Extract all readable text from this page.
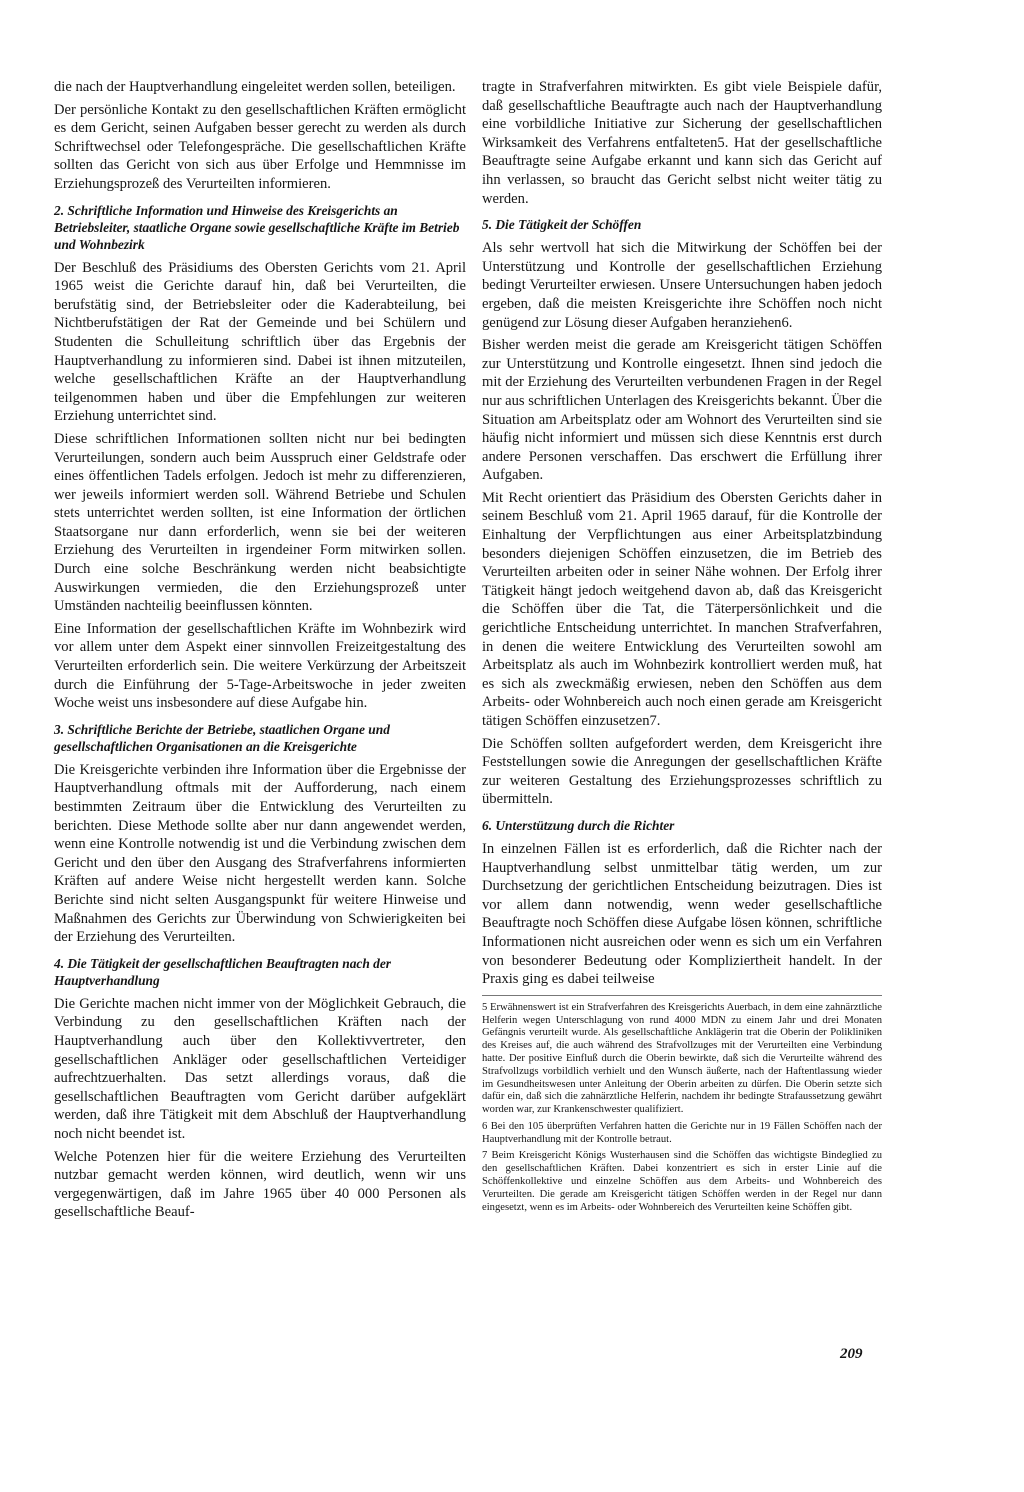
die nach der Hauptverhandlung eingeleitet werden sollen, beteiligen.

Der persönliche Kontakt zu den gesellschaftlichen Kräften ermöglicht es dem Gericht, seinen Aufgaben besser gerecht zu werden als durch Schriftwechsel oder Telefongespräche. Die gesellschaftlichen Kräfte sollten das Gericht von sich aus über Erfolge und Hemmnisse im Erziehungsprozeß des Verurteilten informieren.

2. Schriftliche Information und Hinweise des Kreisgerichts an Betriebsleiter, staatliche Organe sowie gesellschaftliche Kräfte im Betrieb und Wohnbezirk

Der Beschluß des Präsidiums des Obersten Gerichts vom 21. April 1965 weist die Gerichte darauf hin, daß bei Verurteilten, die berufstätig sind, der Betriebsleiter oder die Kaderabteilung, bei Nichtberufstätigen der Rat der Gemeinde und bei Schülern und Studenten die Schulleitung schriftlich über das Ergebnis der Hauptverhandlung zu informieren sind. Dabei ist ihnen mitzuteilen, welche gesellschaftlichen Kräfte an der Hauptverhandlung teilgenommen haben und über die Empfehlungen zur weiteren Erziehung unterrichtet sind.

Diese schriftlichen Informationen sollten nicht nur bei bedingten Verurteilungen, sondern auch beim Ausspruch einer Geldstrafe oder eines öffentlichen Tadels erfolgen. Jedoch ist mehr zu differenzieren, wer jeweils informiert werden soll. Während Betriebe und Schulen stets unterrichtet werden sollten, ist eine Information der örtlichen Staatsorgane nur dann erforderlich, wenn sie bei der weiteren Erziehung des Verurteilten in irgendeiner Form mitwirken sollen. Durch eine solche Beschränkung werden nicht beabsichtigte Auswirkungen vermieden, die den Erziehungsprozeß unter Umständen nachteilig beeinflussen könnten.

Eine Information der gesellschaftlichen Kräfte im Wohnbezirk wird vor allem unter dem Aspekt einer sinnvollen Freizeitgestaltung des Verurteilten erforderlich sein. Die weitere Verkürzung der Arbeitszeit durch die Einführung der 5-Tage-Arbeitswoche in jeder zweiten Woche weist uns insbesondere auf diese Aufgabe hin.

3. Schriftliche Berichte der Betriebe, staatlichen Organe und gesellschaftlichen Organisationen an die Kreisgerichte

Die Kreisgerichte verbinden ihre Information über die Ergebnisse der Hauptverhandlung oftmals mit der Aufforderung, nach einem bestimmten Zeitraum über die Entwicklung des Verurteilten zu berichten. Diese Methode sollte aber nur dann angewendet werden, wenn eine Kontrolle notwendig ist und die Verbindung zwischen dem Gericht und den über den Ausgang des Strafverfahrens informierten Kräften auf andere Weise nicht hergestellt werden kann. Solche Berichte sind nicht selten Ausgangspunkt für weitere Hinweise und Maßnahmen des Gerichts zur Überwindung von Schwierigkeiten bei der Erziehung des Verurteilten.

4. Die Tätigkeit der gesellschaftlichen Beauftragten nach der Hauptverhandlung

Die Gerichte machen nicht immer von der Möglichkeit Gebrauch, die Verbindung zu den gesellschaftlichen Kräften nach der Hauptverhandlung auch über den Kollektivvertreter, den gesellschaftlichen Ankläger oder gesellschaftlichen Verteidiger aufrechtzuerhalten. Das setzt allerdings voraus, daß die gesellschaftlichen Beauftragten vom Gericht darüber aufgeklärt werden, daß ihre Tätigkeit mit dem Abschluß der Hauptverhandlung noch nicht beendet ist.

Welche Potenzen hier für die weitere Erziehung des Verurteilten nutzbar gemacht werden können, wird deutlich, wenn wir uns vergegenwärtigen, daß im Jahre 1965 über 40 000 Personen als gesellschaftliche Beauf-

tragte in Strafverfahren mitwirkten. Es gibt viele Beispiele dafür, daß gesellschaftliche Beauftragte auch nach der Hauptverhandlung eine vorbildliche Initiative zur Sicherung der gesellschaftlichen Wirksamkeit des Verfahrens entfalteten5. Hat der gesellschaftliche Beauftragte seine Aufgabe erkannt und kann sich das Gericht auf ihn verlassen, so braucht das Gericht selbst nicht weiter tätig zu werden.

5. Die Tätigkeit der Schöffen

Als sehr wertvoll hat sich die Mitwirkung der Schöffen bei der Unterstützung und Kontrolle der gesellschaftlichen Erziehung bedingt Verurteilter erwiesen. Unsere Untersuchungen haben jedoch ergeben, daß die meisten Kreisgerichte ihre Schöffen noch nicht genügend zur Lösung dieser Aufgaben heranziehen6.

Bisher werden meist die gerade am Kreisgericht tätigen Schöffen zur Unterstützung und Kontrolle eingesetzt. Ihnen sind jedoch die mit der Erziehung des Verurteilten verbundenen Fragen in der Regel nur aus schriftlichen Unterlagen des Kreisgerichts bekannt. Über die Situation am Arbeitsplatz oder am Wohnort des Verurteilten sind sie häufig nicht informiert und müssen sich diese Kenntnis erst durch andere Personen verschaffen. Das erschwert die Erfüllung ihrer Aufgaben.

Mit Recht orientiert das Präsidium des Obersten Gerichts daher in seinem Beschluß vom 21. April 1965 darauf, für die Kontrolle der Einhaltung der Verpflichtungen aus einer Arbeitsplatzbindung besonders diejenigen Schöffen einzusetzen, die im Betrieb des Verurteilten arbeiten oder in seiner Nähe wohnen. Der Erfolg ihrer Tätigkeit hängt jedoch weitgehend davon ab, daß das Kreisgericht die Schöffen über die Tat, die Täterpersönlichkeit und die gerichtliche Entscheidung unterrichtet. In manchen Strafverfahren, in denen die weitere Entwicklung des Verurteilten sowohl am Arbeitsplatz als auch im Wohnbezirk kontrolliert werden muß, hat es sich als zweckmäßig erwiesen, neben den Schöffen aus dem Arbeits- oder Wohnbereich auch noch einen gerade am Kreisgericht tätigen Schöffen einzusetzen7.

Die Schöffen sollten aufgefordert werden, dem Kreisgericht ihre Feststellungen sowie die Anregungen der gesellschaftlichen Kräfte zur weiteren Gestaltung des Erziehungsprozesses schriftlich zu übermitteln.

6. Unterstützung durch die Richter

In einzelnen Fällen ist es erforderlich, daß die Richter nach der Hauptverhandlung selbst unmittelbar tätig werden, um zur Durchsetzung der gerichtlichen Entscheidung beizutragen. Dies ist vor allem dann notwendig, wenn weder gesellschaftliche Beauftragte noch Schöffen diese Aufgabe lösen können, schriftliche Informationen nicht ausreichen oder wenn es sich um ein Verfahren von besonderer Bedeutung oder Kompliziertheit handelt. In der Praxis ging es dabei teilweise

5 Erwähnenswert ist ein Strafverfahren des Kreisgerichts Auerbach, in dem eine zahnärztliche Helferin wegen Unterschlagung von rund 4000 MDN zu einem Jahr und drei Monaten Gefängnis verurteilt wurde. Als gesellschaftliche Anklägerin trat die Oberin der Polikliniken des Kreises auf, die auch während des Strafvollzuges mit der Verurteilten eine Verbindung hatte. Der positive Einfluß durch die Oberin bewirkte, daß sich die Verurteilte während des Strafvollzugs vorbildlich verhielt und den Wunsch äußerte, nach der Haftentlassung wieder im Gesundheitswesen unter Anleitung der Oberin arbeiten zu dürfen. Die Oberin setzte sich dafür ein, daß sich die zahnärztliche Helferin, nachdem ihr bedingte Strafaussetzung gewährt worden war, zur Krankenschwester qualifiziert.

6 Bei den 105 überprüften Verfahren hatten die Gerichte nur in 19 Fällen Schöffen nach der Hauptverhandlung mit der Kontrolle betraut.

7 Beim Kreisgericht Königs Wusterhausen sind die Schöffen das wichtigste Bindeglied zu den gesellschaftlichen Kräften. Dabei konzentriert es sich in erster Linie auf die Schöffenkollektive und einzelne Schöffen aus dem Arbeits- und Wohnbereich des Verurteilten. Die gerade am Kreisgericht tätigen Schöffen werden in der Regel nur dann eingesetzt, wenn es im Arbeits- oder Wohnbereich des Verurteilten keine Schöffen gibt.

209
